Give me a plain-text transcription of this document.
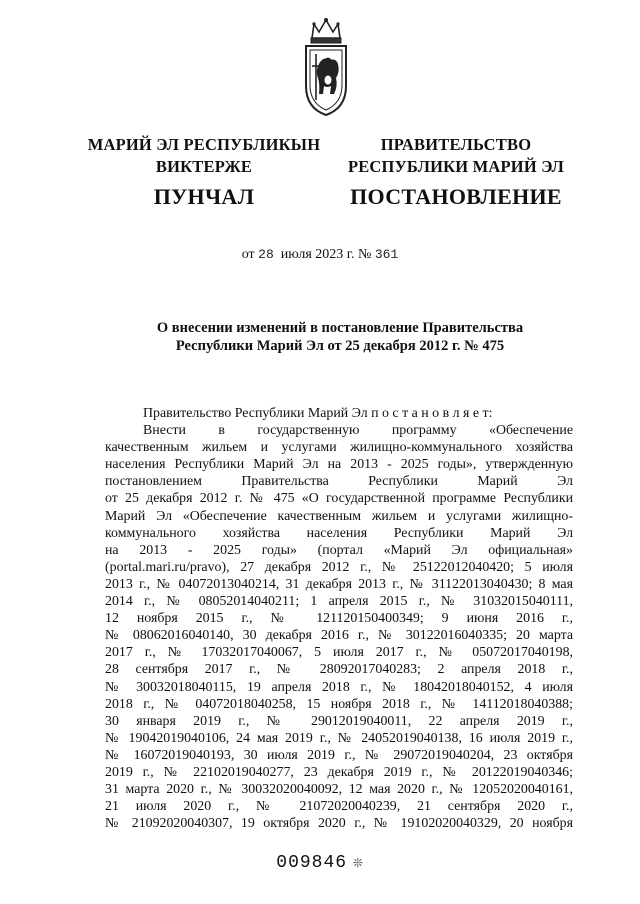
МАРИЙ ЭЛ РЕСПУБЛИКЫН
ВИКТЕРЖЕ
ПУНЧАЛ
ПРАВИТЕЛЬСТВО
РЕСПУБЛИКИ МАРИЙ ЭЛ
ПОСТАНОВЛЕНИЕ
от 28 июля 2023 г. № 361
О внесении изменений в постановление Правительства
Республики Марий Эл от 25 декабря 2012 г. № 475
Правительство Республики Марий Эл п о с т а н о в л я е т:
Внести в государственную программу «Обеспечение
качественным жильем и услугами жилищно-коммунального хозяйства
населения Республики Марий Эл на 2013 - 2025 годы», утвержденную
постановлением Правительства Республики Марий Эл
от 25 декабря 2012 г. № 475 «О государственной программе Республики
Марий Эл «Обеспечение качественным жильем и услугами жилищно-
коммунального хозяйства населения Республики Марий Эл
на 2013 - 2025 годы» (портал «Марий Эл официальная»
(portal.mari.ru/pravo), 27 декабря 2012 г., № 25122012040420; 5 июля
2013 г., № 04072013040214, 31 декабря 2013 г., № 31122013040430; 8 мая
2014 г., № 08052014040211; 1 апреля 2015 г., № 31032015040111,
12 ноября 2015 г., № 121120150400349; 9 июня 2016 г.,
№ 08062016040140, 30 декабря 2016 г., № 30122016040335; 20 марта
2017 г., № 17032017040067, 5 июля 2017 г., № 05072017040198,
28 сентября 2017 г., № 28092017040283; 2 апреля 2018 г.,
№ 30032018040115, 19 апреля 2018 г., № 18042018040152, 4 июля
2018 г., № 04072018040258, 15 ноября 2018 г., № 14112018040388;
30 января 2019 г., № 29012019040011, 22 апреля 2019 г.,
№ 19042019040106, 24 мая 2019 г., № 24052019040138, 16 июля 2019 г.,
№ 16072019040193, 30 июля 2019 г., № 29072019040204, 23 октября
2019 г., № 22102019040277, 23 декабря 2019 г., № 20122019040346;
31 марта 2020 г., № 30032020040092, 12 мая 2020 г., № 12052020040161,
21 июля 2020 г., № 21072020040239, 21 сентября 2020 г.,
№ 21092020040307, 19 октября 2020 г., № 19102020040329, 20 ноября
009846 ❊
